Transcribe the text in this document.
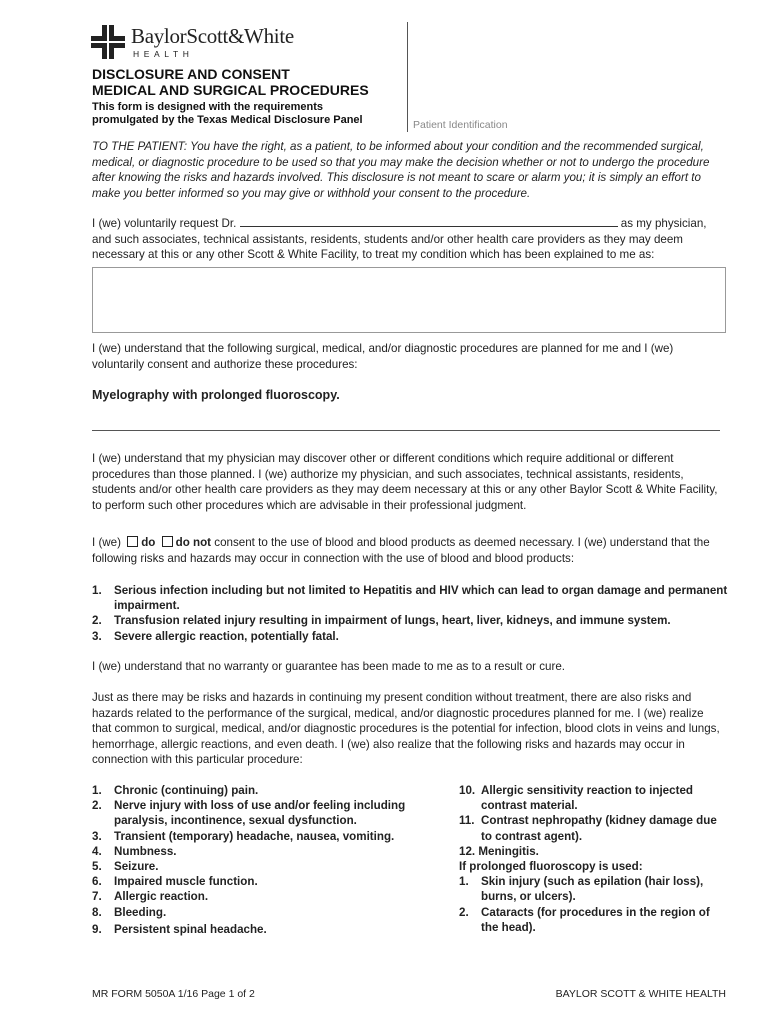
BaylorScott&White
HEALTH
DISCLOSURE AND CONSENT
MEDICAL AND SURGICAL PROCEDURES
This form is designed with the requirements
promulgated by the Texas Medical Disclosure Panel	Patient Identification

TO THE PATIENT: You have the right, as a patient, to be informed about your condition and the recommended surgical, medical, or diagnostic procedure to be used so that you may make the decision whether or not to undergo the procedure after knowing the risks and hazards involved. This disclosure is not meant to scare or alarm you; it is simply an effort to make you better informed so you may give or withhold your consent to the procedure.

I (we) voluntarily request Dr.	as my physician, and such associates, technical assistants, residents, students and/or other health care providers as they may deem necessary at this or any other Scott & White Facility, to treat my condition which has been explained to me as:

I (we) understand that the following surgical, medical, and/or diagnostic procedures are planned for me and I (we) voluntarily consent and authorize these procedures:

Myelography with prolonged fluoroscopy.

I (we) understand that my physician may discover other or different conditions which require additional or different procedures than those planned. I (we) authorize my physician, and such associates, technical assistants, residents, students and/or other health care providers as they may deem necessary at this or any other Baylor Scott & White Facility, to perform such other procedures which are advisable in their professional judgment.

I (we) do do not consent to the use of blood and blood products as deemed necessary. I (we) understand that the following risks and hazards may occur in connection with the use of blood and blood products:

1. Serious infection including but not limited to Hepatitis and HIV which can lead to organ damage and permanent impairment.
2. Transfusion related injury resulting in impairment of lungs, heart, liver, kidneys, and immune system.
3. Severe allergic reaction, potentially fatal.

I (we) understand that no warranty or guarantee has been made to me as to a result or cure.

Just as there may be risks and hazards in continuing my present condition without treatment, there are also risks and hazards related to the performance of the surgical, medical, and/or diagnostic procedures planned for me. I (we) realize that common to surgical, medical, and/or diagnostic procedures is the potential for infection, blood clots in veins and lungs, hemorrhage, allergic reactions, and even death. I (we) also realize that the following risks and hazards may occur in connection with this particular procedure:

1. Chronic (continuing) pain.
2. Nerve injury with loss of use and/or feeling including paralysis, incontinence, sexual dysfunction.
3. Transient (temporary) headache, nausea, vomiting.
4. Numbness.
5. Seizure.
6. Impaired muscle function.
7. Allergic reaction.
8. Bleeding.
9. Persistent spinal headache.
10. Allergic sensitivity reaction to injected contrast material.
11. Contrast nephropathy (kidney damage due to contrast agent).
12. Meningitis.
If prolonged fluoroscopy is used:
1. Skin injury (such as epilation (hair loss), burns, or ulcers).
2. Cataracts (for procedures in the region of the head).
MR FORM 5050A 1/16 Page 1 of 2	BAYLOR SCOTT & WHITE HEALTH
